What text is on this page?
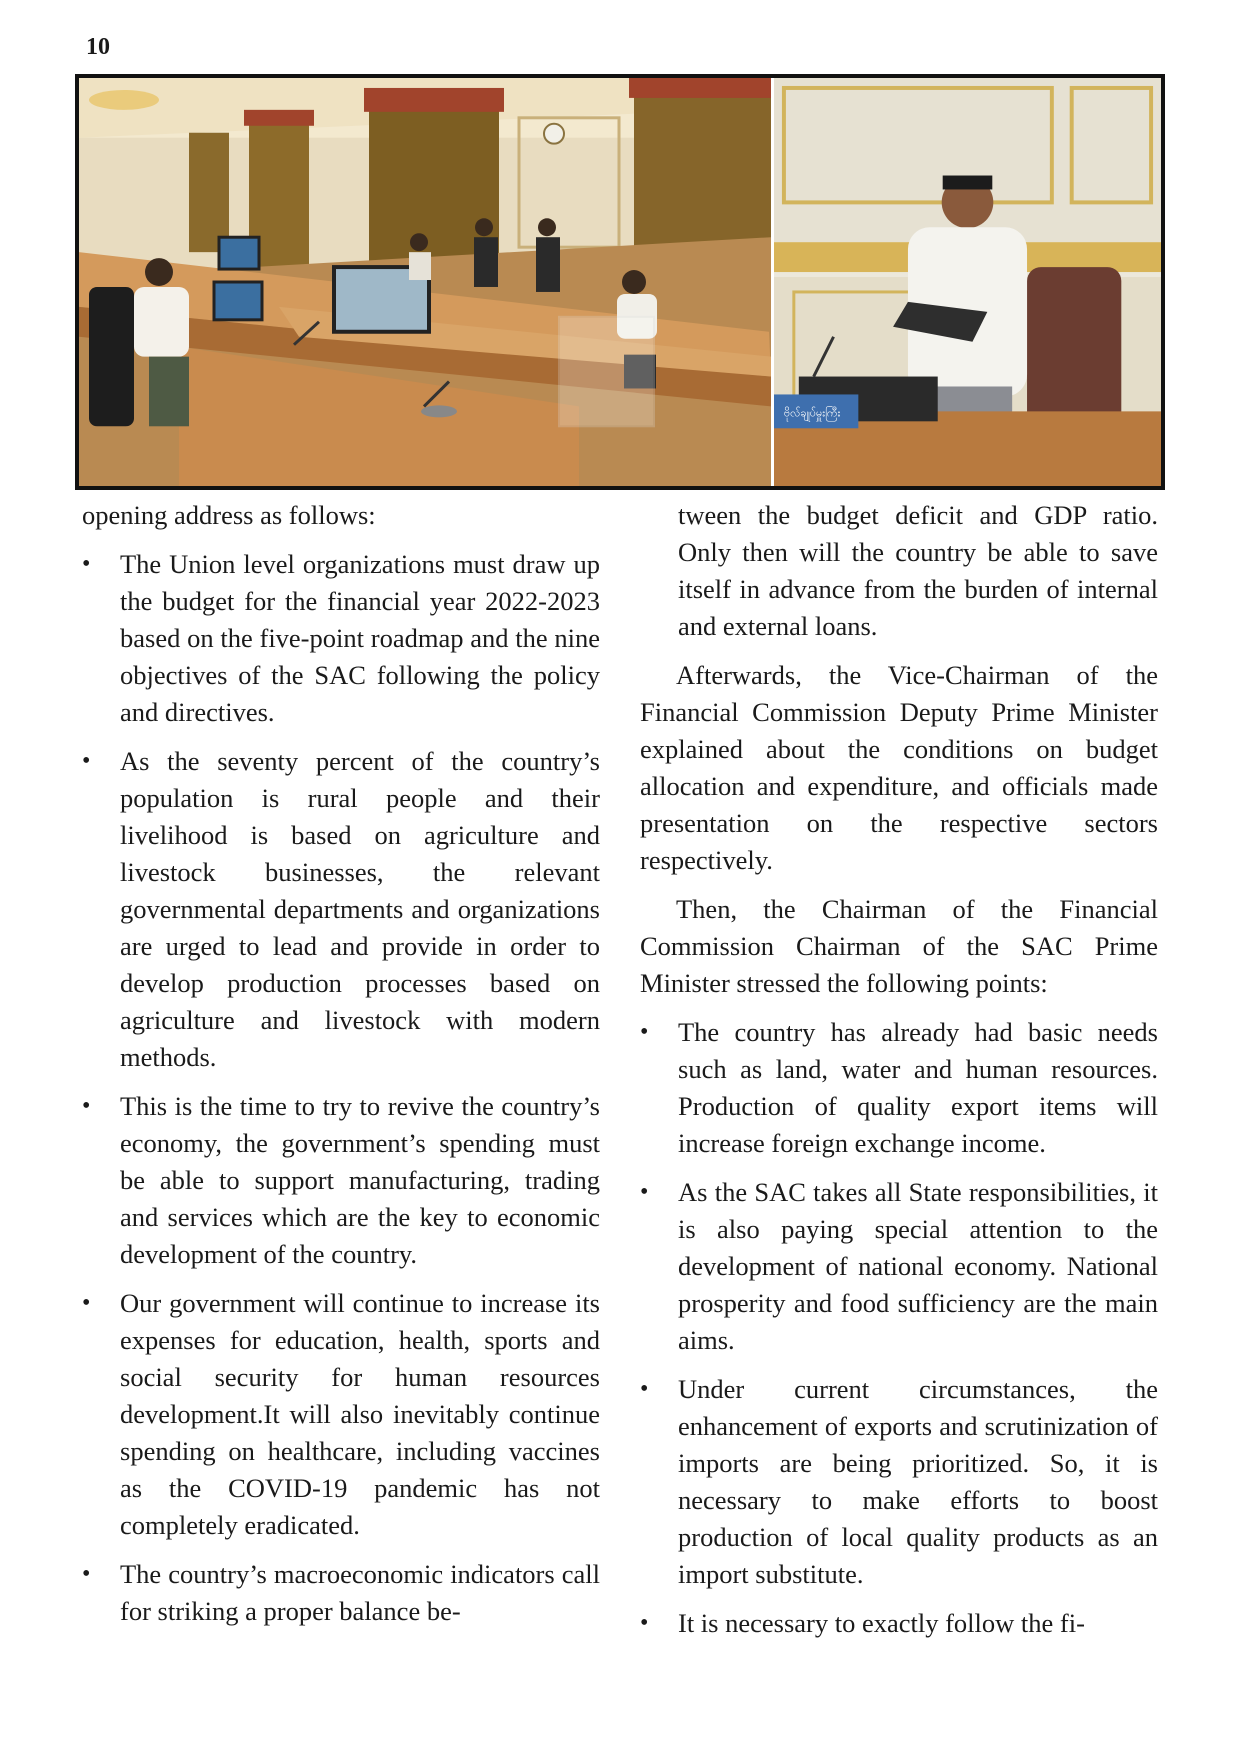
10
ဗိုလ်ချုပ်မှူးကြီး

opening address as follows:

• The Union level organizations must draw up the budget for the financial year 2022-2023 based on the five-point roadmap and the nine objectives of the SAC following the policy and directives.
• As the seventy percent of the country’s population is rural people and their livelihood is based on agriculture and livestock businesses, the relevant governmental departments and organizations are urged to lead and provide in order to develop production processes based on agriculture and livestock with modern methods.
• This is the time to try to revive the country’s economy, the government’s spending must be able to support manufacturing, trading and services which are the key to economic development of the country.
• Our government will continue to increase its expenses for education, health, sports and social security for human resources development.It will also inevitably continue spending on healthcare, including vaccines as the COVID-19 pandemic has not completely eradicated.
• The country’s macroeconomic indicators call for striking a proper balance be-

tween the budget deficit and GDP ratio. Only then will the country be able to save itself in advance from the burden of internal and external loans.

Afterwards, the Vice-Chairman of the Financial Commission Deputy Prime Minister explained about the conditions on budget allocation and expenditure, and officials made presentation on the respective sectors respectively.

Then, the Chairman of the Financial Commission Chairman of the SAC Prime Minister stressed the following points:

• The country has already had basic needs such as land, water and human resources. Production of quality export items will increase foreign exchange income.
• As the SAC takes all State responsibilities, it is also paying special attention to the development of national economy. National prosperity and food sufficiency are the main aims.
• Under current circumstances, the enhancement of exports and scrutinization of imports are being prioritized. So, it is necessary to make efforts to boost production of local quality products as an import substitute.
• It is necessary to exactly follow the fi-
